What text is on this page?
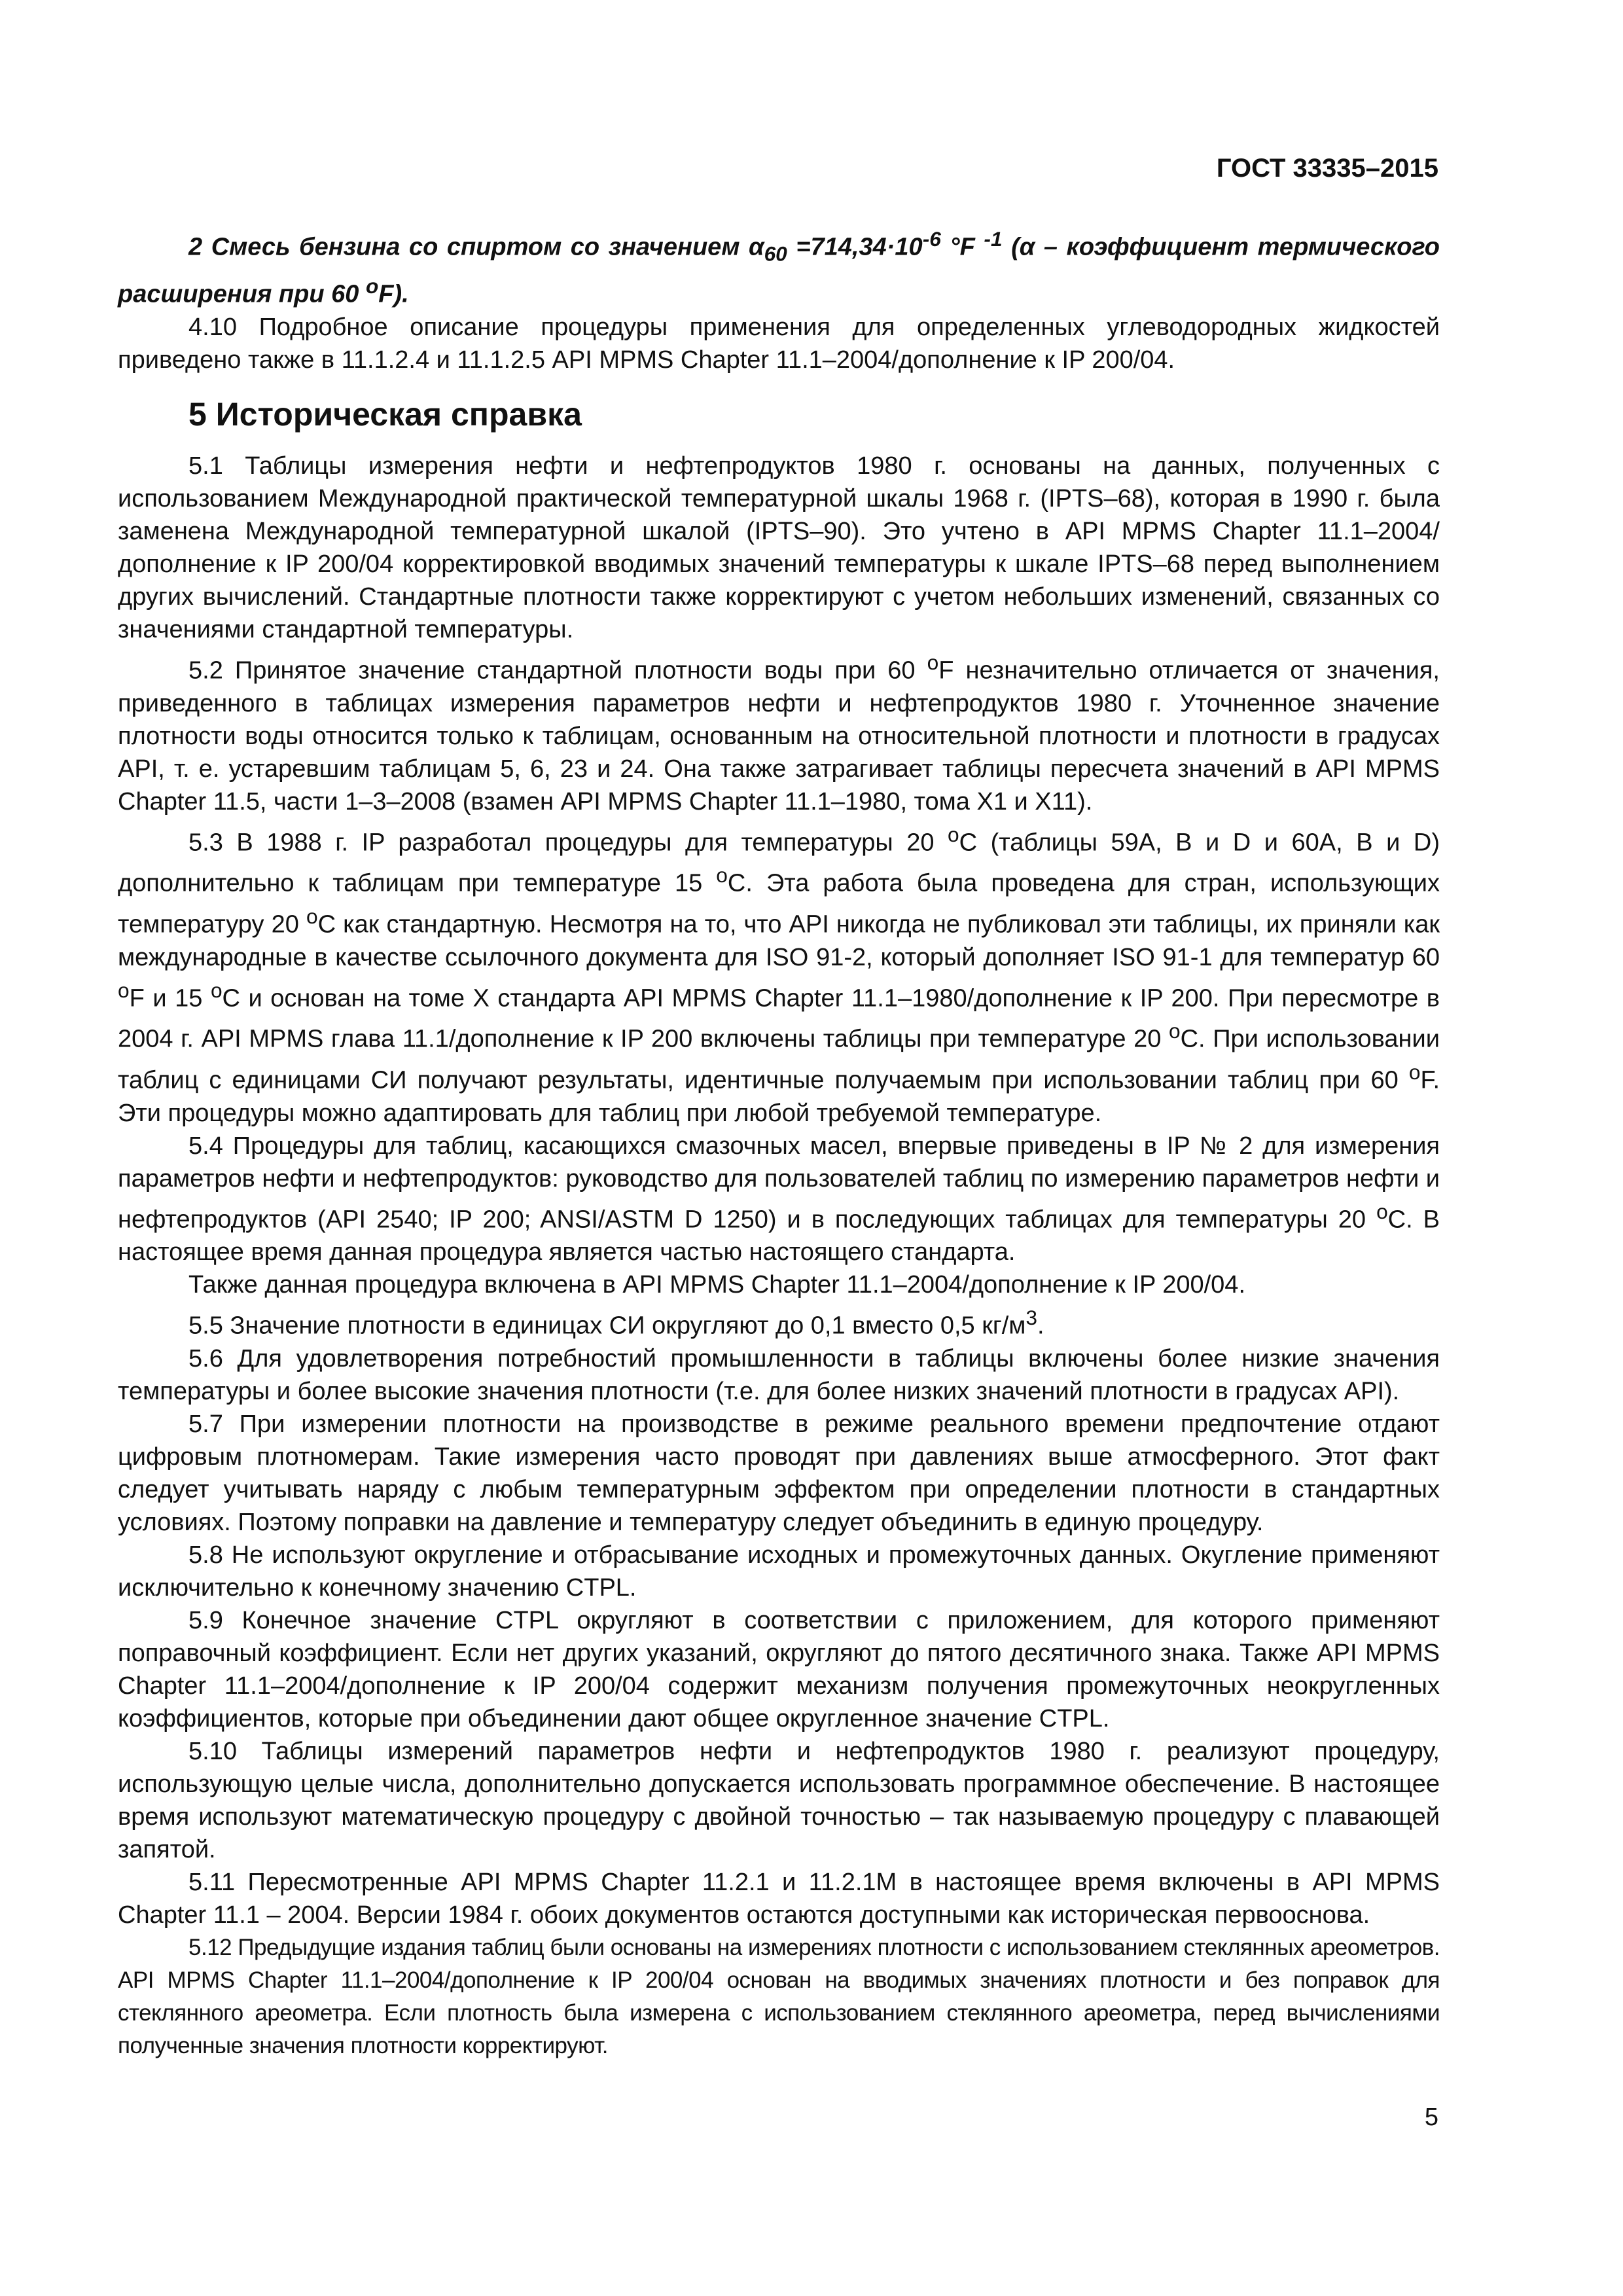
ГОСТ 33335–2015

2 Смесь бензина со спиртом со значением $\alpha_{60} =714,34\cdot 10^{-6}$ °F $^{-1}$ (α – коэффициент термического расширения при 60 $^o$F).

4.10 Подробное описание процедуры применения для определенных углеводородных жидкостей приведено также в 11.1.2.4 и 11.1.2.5 API MPMS Chapter 11.1–2004/дополнение к IP 200/04.

5 Историческая справка

5.1 Таблицы измерения нефти и нефтепродуктов 1980 г. основаны на данных, полученных с использованием Международной практической температурной шкалы 1968 г. (IPTS–68), которая в 1990 г. была заменена Международной температурной шкалой (IPTS–90). Это учтено в API MPMS Chapter 11.1–2004/дополнение к IP 200/04 корректировкой вводимых значений температуры к шкале IPTS–68 перед выполнением других вычислений. Стандартные плотности также корректируют с учетом небольших изменений, связанных со значениями стандартной температуры.

5.2 Принятое значение стандартной плотности воды при 60 $^o$F незначительно отличается от значения, приведенного в таблицах измерения параметров нефти и нефтепродуктов 1980 г. Уточненное значение плотности воды относится только к таблицам, основанным на относительной плотности и плотности в градусах API, т. е. устаревшим таблицам 5, 6, 23 и 24. Она также затрагивает таблицы пересчета значений в API MPMS Chapter 11.5, части 1–3–2008 (взамен API MPMS Chapter 11.1–1980, тома X1 и X11).

5.3 В 1988 г. IP разработал процедуры для температуры 20 $^o$С (таблицы 59A, B и D и 60A, B и D) дополнительно к таблицам при температуре 15 $^o$С. Эта работа была проведена для стран, использующих температуру 20 $^o$С как стандартную. Несмотря на то, что API никогда не публиковал эти таблицы, их приняли как международные в качестве ссылочного документа для ISO 91-2, который дополняет ISO 91-1 для температур 60 $^o$F и 15 $^o$С и основан на томе X стандарта API MPMS Chapter 11.1–1980/дополнение к IP 200. При пересмотре в 2004 г. API MPMS глава 11.1/дополнение к IP 200 включены таблицы при температуре 20 $^o$С. При использовании таблиц с единицами СИ получают результаты, идентичные получаемым при использовании таблиц при 60 $^o$F. Эти процедуры можно адаптировать для таблиц при любой требуемой температуре.

5.4 Процедуры для таблиц, касающихся смазочных масел, впервые приведены в IP № 2 для измерения параметров нефти и нефтепродуктов: руководство для пользователей таблиц по измерению параметров нефти и нефтепродуктов (API 2540; IP 200; ANSI/ASTM D 1250) и в последующих таблицах для температуры 20 $^o$С. В настоящее время данная процедура является частью настоящего стандарта.

Также данная процедура включена в API MPMS Chapter 11.1–2004/дополнение к IP 200/04.

5.5 Значение плотности в единицах СИ округляют до 0,1 вместо 0,5 $кг/м^3$.

5.6 Для удовлетворения потребностий промышленности в таблицы включены более низкие значения температуры и более высокие значения плотности (т.е. для более низких значений плотности в градусах API).

5.7 При измерении плотности на производстве в режиме реального времени предпочтение отдают цифровым плотномерам. Такие измерения часто проводят при давлениях выше атмосферного. Этот факт следует учитывать наряду с любым температурным эффектом при определении плотности в стандартных условиях. Поэтому поправки на давление и температуру следует объединить в единую процедуру.

5.8 Не используют округление и отбрасывание исходных и промежуточных данных. Окугление применяют исключительно к конечному значению CTPL.

5.9 Конечное значение CTPL округляют в соответствии с приложением, для которого применяют поправочный коэффициент. Если нет других указаний, округляют до пятого десятичного знака. Также API MPMS Chapter 11.1–2004/дополнение к IP 200/04 содержит механизм получения промежуточных неокругленных коэффициентов, которые при объединении дают общее округленное значение CTPL.

5.10 Таблицы измерений параметров нефти и нефтепродуктов 1980 г. реализуют процедуру, использующую целые числа, дополнительно допускается использовать программное обеспечение. В настоящее время используют математическую процедуру с двойной точностью – так называемую процедуру с плавающей запятой.

5.11 Пересмотренные API MPMS Chapter 11.2.1 и 11.2.1M в настоящее время включены в API MPMS Chapter 11.1 – 2004. Версии 1984 г. обоих документов остаются доступными как историческая первооснова.

5.12 Предыдущие издания таблиц были основаны на измерениях плотности с использованием стеклянных ареометров. API MPMS Chapter 11.1–2004/дополнение к IP 200/04 основан на вводимых значениях плотности и без поправок для стеклянного ареометра. Если плотность была измерена с использованием стеклянного ареометра, перед вычислениями полученные значения плотности корректируют.

5
